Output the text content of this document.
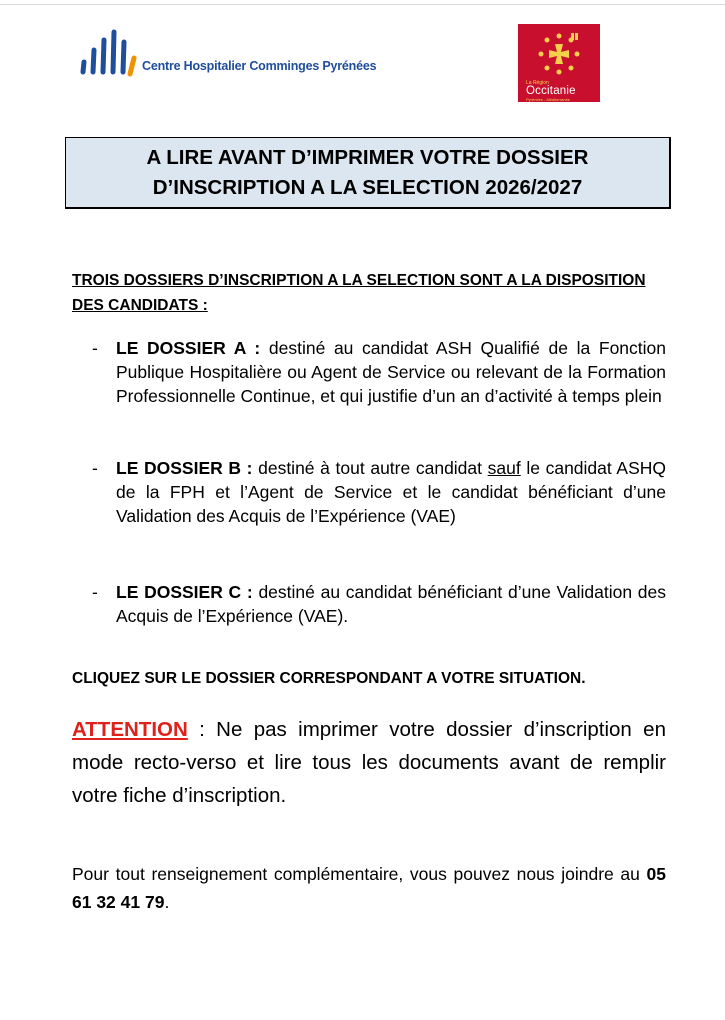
Centre Hospitalier Comminges Pyrénées
La Région
Occitanie
Pyrénées - Méditerranée
A LIRE AVANT D’IMPRIMER VOTRE DOSSIER
D’INSCRIPTION A LA SELECTION 2026/2027
TROIS DOSSIERS D’INSCRIPTION A LA SELECTION SONT A LA DISPOSITION DES CANDIDATS :
- LE DOSSIER A : destiné au candidat ASH Qualifié de la Fonction Publique Hospitalière ou Agent de Service ou relevant de la Formation Professionnelle Continue, et qui justifie d’un an d’activité à temps plein
- LE DOSSIER B : destiné à tout autre candidat sauf le candidat ASHQ de la FPH et l’Agent de Service et le candidat bénéficiant d’une Validation des Acquis de l’Expérience (VAE)
- LE DOSSIER C : destiné au candidat bénéficiant d’une Validation des Acquis de l’Expérience (VAE).
CLIQUEZ SUR LE DOSSIER CORRESPONDANT A VOTRE SITUATION.
ATTENTION : Ne pas imprimer votre dossier d’inscription en mode recto-verso et lire tous les documents avant de remplir votre fiche d’inscription.
Pour tout renseignement complémentaire, vous pouvez nous joindre au 05 61 32 41 79.
